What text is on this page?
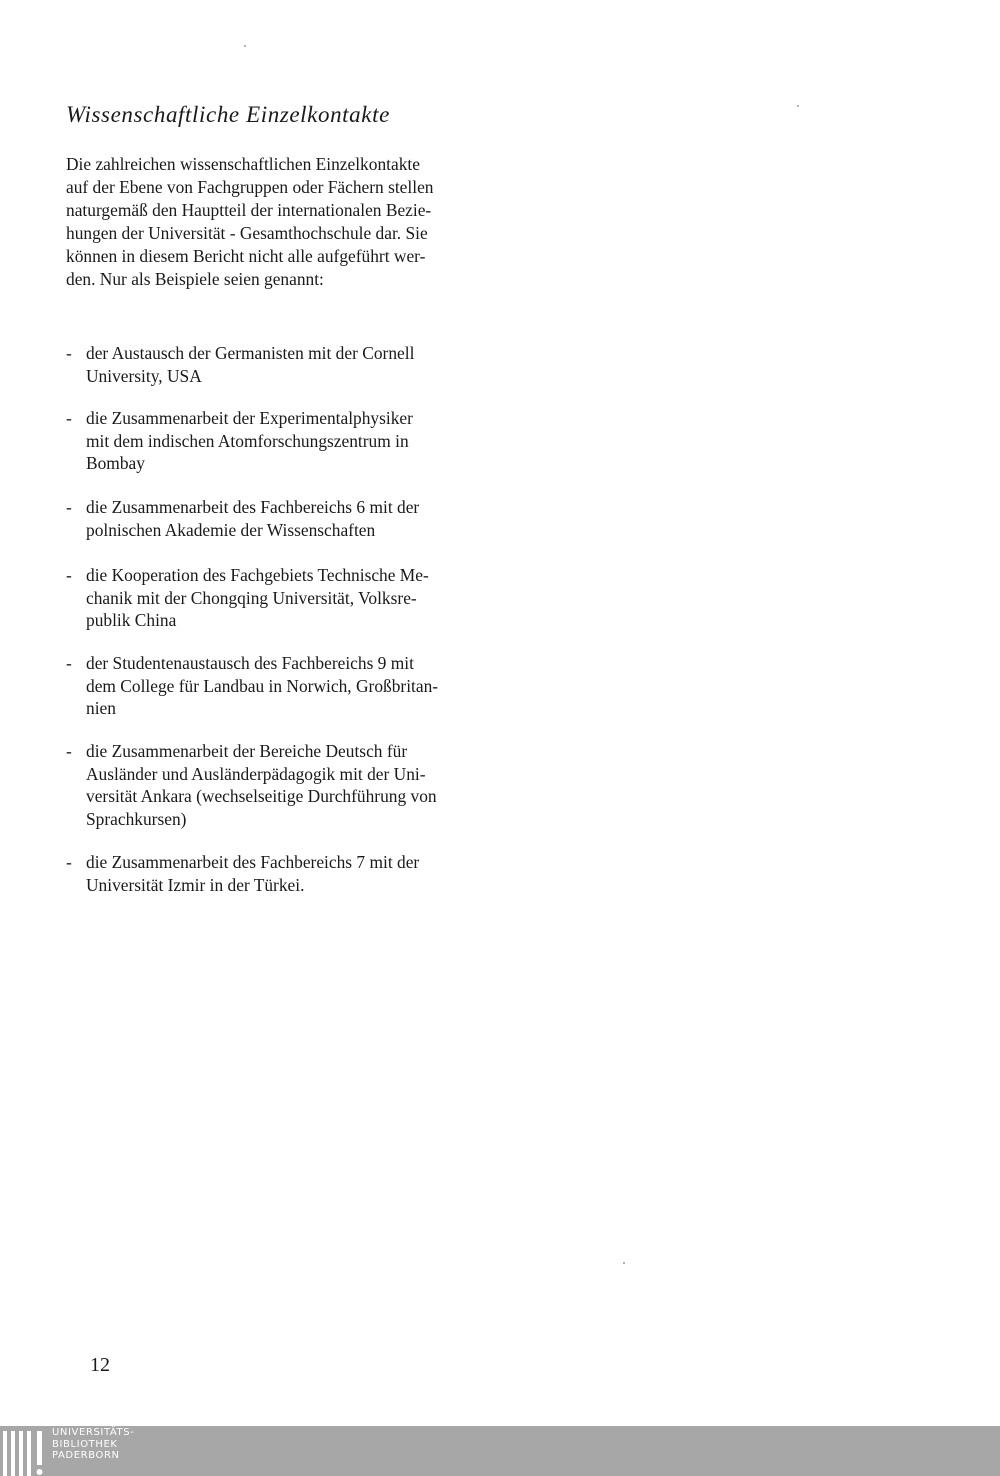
Wissenschaftliche Einzelkontakte

Die zahlreichen wissenschaftlichen Einzelkontakte
auf der Ebene von Fachgruppen oder Fächern stellen
naturgemäß den Hauptteil der internationalen Bezie-
hungen der Universität - Gesamthochschule dar. Sie
können in diesem Bericht nicht alle aufgeführt wer-
den. Nur als Beispiele seien genannt:

- der Austausch der Germanisten mit der Cornell
University, USA

- die Zusammenarbeit der Experimentalphysiker
mit dem indischen Atomforschungszentrum in
Bombay

- die Zusammenarbeit des Fachbereichs 6 mit der
polnischen Akademie der Wissenschaften

- die Kooperation des Fachgebiets Technische Me-
chanik mit der Chongqing Universität, Volksre-
publik China

- der Studentenaustausch des Fachbereichs 9 mit
dem College für Landbau in Norwich, Großbritan-
nien

- die Zusammenarbeit der Bereiche Deutsch für
Ausländer und Ausländerpädagogik mit der Uni-
versität Ankara (wechselseitige Durchführung von
Sprachkursen)

- die Zusammenarbeit des Fachbereichs 7 mit der
Universität Izmir in der Türkei.

12
UNIVERSITÄTS-
BIBLIOTHEK
PADERBORN
